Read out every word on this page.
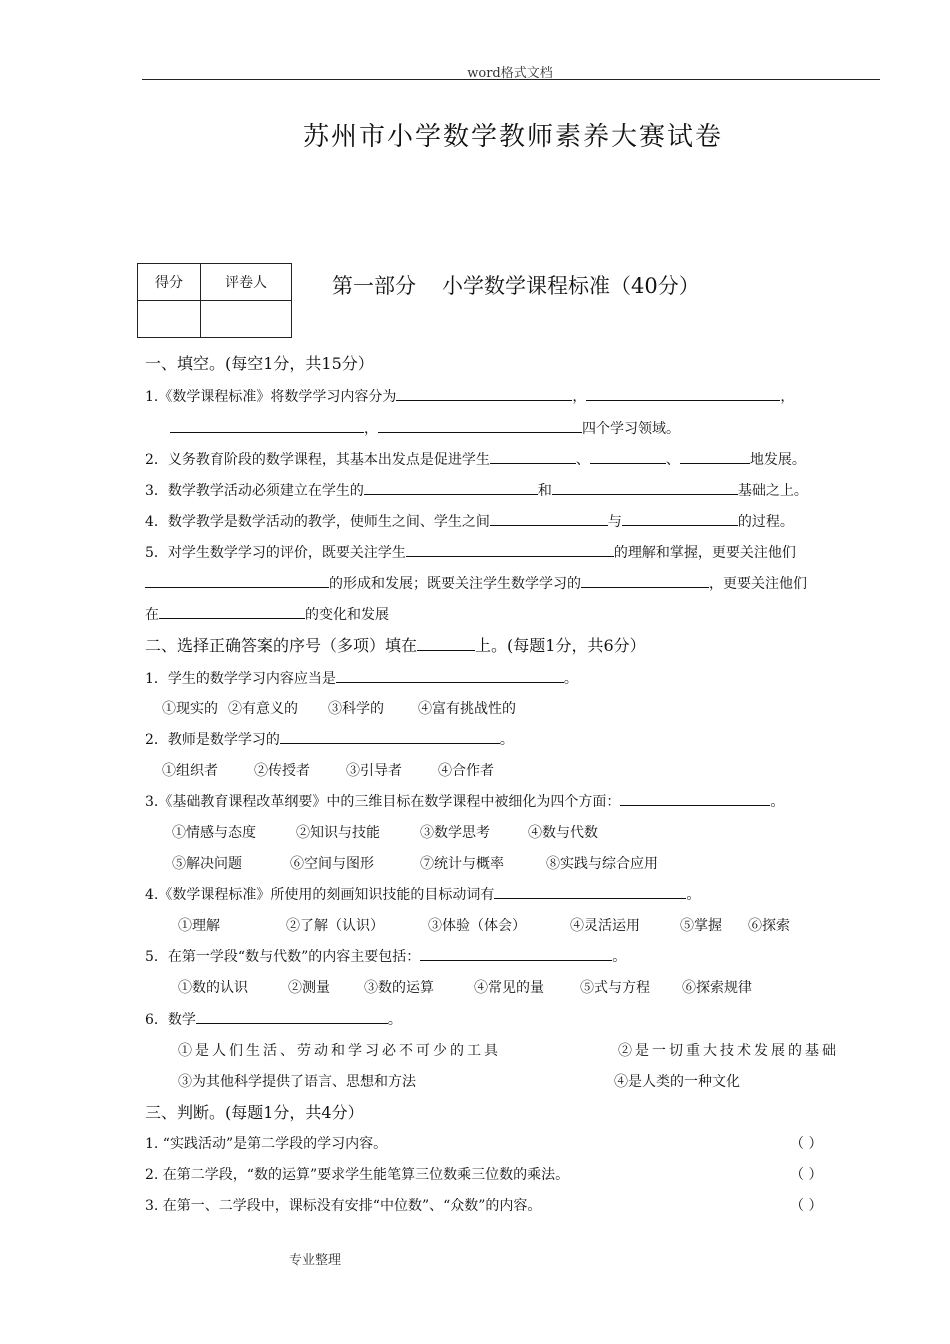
word格式文档
苏州市小学数学教师素养大赛试卷
得分	评卷人
		第一部分 小学数学课程标准（40分）
一、填空。(每空1分，共15分）
1.《数学课程标准》将数学学习内容分为	，	，
，	四个学习领域。
2．义务教育阶段的数学课程，其基本出发点是促进学生	、	、	地发展。
3．数学教学活动必须建立在学生的	和	基础之上。
4．数学教学是数学活动的教学，使师生之间、学生之间	与	的过程。
5．对学生数学学习的评价，既要关注学生	的理解和掌握，更要关注他们
的形成和发展；既要关注学生数学学习的	，更要关注他们
在	的变化和发展
二、选择正确答案的序号（多项）填在	上。(每题1分，共6分）
1．学生的数学学习内容应当是	。
①现实的 ②有意义的 ③科学的 ④富有挑战性的
2．教师是数学学习的	。
①组织者	②传授者	③引导者	④合作者
3.《基础教育课程改革纲要》中的三维目标在数学课程中被细化为四个方面：	。
①情感与态度	②知识与技能	③数学思考	④数与代数
⑤解决问题	⑥空间与图形	⑦统计与概率	⑧实践与综合应用
4.《数学课程标准》所使用的刻画知识技能的目标动词有	。
①理解	②了解（认识）	③体验（体会）	④灵活运用	⑤掌握 ⑥探索
5．在第一学段“数与代数”的内容主要包括：	。
①数的认识	②测量 ③数的运算	④常见的量	⑤式与方程 ⑥探索规律
6．数学	。
①是人们生活、劳动和学习必不可少的工具	②是一切重大技术发展的基础
③为其他科学提供了语言、思想和方法	④是人类的一种文化
三、判断。(每题1分，共4分）
1. “实践活动”是第二学段的学习内容。	（ ）
2. 在第二学段，“数的运算”要求学生能笔算三位数乘三位数的乘法。	（ ）
3. 在第一、二学段中，课标没有安排“中位数”、“众数”的内容。	（ ）
专业整理
